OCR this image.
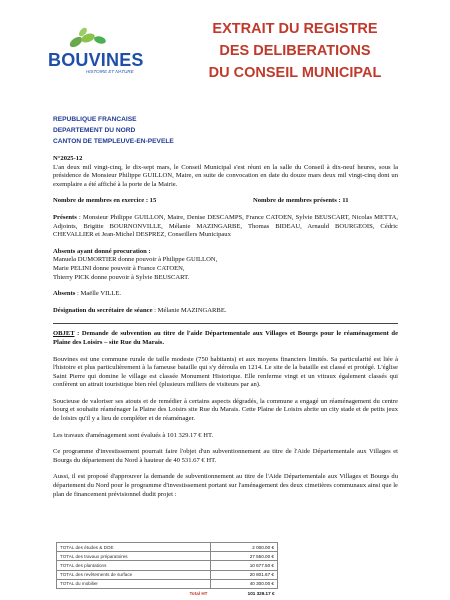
BOUVINES
HISTOIRE ET NATURE
EXTRAIT DU REGISTRE
DES DELIBERATIONS
DU CONSEIL MUNICIPAL
REPUBLIQUE FRANCAISE
DEPARTEMENT DU NORD
CANTON DE TEMPLEUVE-EN-PEVELE
N°2025-12

L'an deux mil vingt-cinq, le dix-sept mars, le Conseil Municipal s'est réuni en la salle du Conseil à dix-neuf heures, sous la présidence de Monsieur Philippe GUILLON, Maire, en suite de convocation en date du douze mars deux mil vingt-cinq dont un exemplaire a été affiché à la porte de la Mairie.

Nombre de membres en exercice : 15	Nombre de membres présents : 11

Présents : Monsieur Philippe GUILLON, Maire, Denise DESCAMPS, France CATOEN, Sylvie BEUSCART, Nicolas METTA, Adjoints, Brigitte BOURNONVILLE, Mélanie MAZINGARBE, Thomas BIDEAU, Arnauld BOURGEOIS, Cédric CHEVALLIER et Jean-Michel DESPREZ, Conseillers Municipaux

Absents ayant donné procuration :

Manuela DUMORTIER donne pouvoir à Philippe GUILLON,

Marie PELINI donne pouvoir à France CATOEN,

Thierry PICK donne pouvoir à Sylvie BEUSCART.

Absents : Maëlle VILLE.

Désignation du secrétaire de séance : Mélanie MAZINGARBE.

OBJET : Demande de subvention au titre de l'aide Départementale aux Villages et Bourgs pour le réaménagement de Plaine des Loisirs – site Rue du Marais.

Bouvines est une commune rurale de taille modeste (750 habitants) et aux moyens financiers limités. Sa particularité est liée à l'histoire et plus particulièrement à la fameuse bataille qui s'y déroula en 1214. Le site de la bataille est classé et protégé. L'église Saint Pierre qui domine le village est classée Monument Historique. Elle renferme vingt et un vitraux également classés qui confèrent un attrait touristique bien réel (plusieurs milliers de visiteurs par an).

Soucieuse de valoriser ses atouts et de remédier à certains aspects dégradés, la commune a engagé un réaménagement du centre bourg et souhaite réaménager la Plaine des Loisirs site Rue du Marais. Cette Plaine de Loisirs abrite un city stade et de petits jeux de loisirs qu'il y a lieu de compléter et de réaménager.

Les travaux d'aménagement sont évalués à 101 329.17 € HT.

Ce programme d'investissement pourrait faire l'objet d'un subventionnement au titre de l'Aide Départementale aux Villages et Bourgs du département du Nord à hauteur de 40 531.67 € HT.

Aussi, il est proposé d'approuver la demande de subventionnement au titre de l'Aide Départementale aux Villages et Bourgs du département du Nord pour le programme d'investissement portant sur l'aménagement des deux cimetières communaux ainsi que le plan de financement prévisionnel dudit projet :

TOTAL des études & DOE	2 000.00 €
TOTAL des travaux préparatoires	27 550.00 €
TOTAL des plantations	10 677.50 €
TOTAL des revêtements de surface	20 801.67 €
TOTAL du mobilier	40 300.00 €
Total HT	101 329.17 €
